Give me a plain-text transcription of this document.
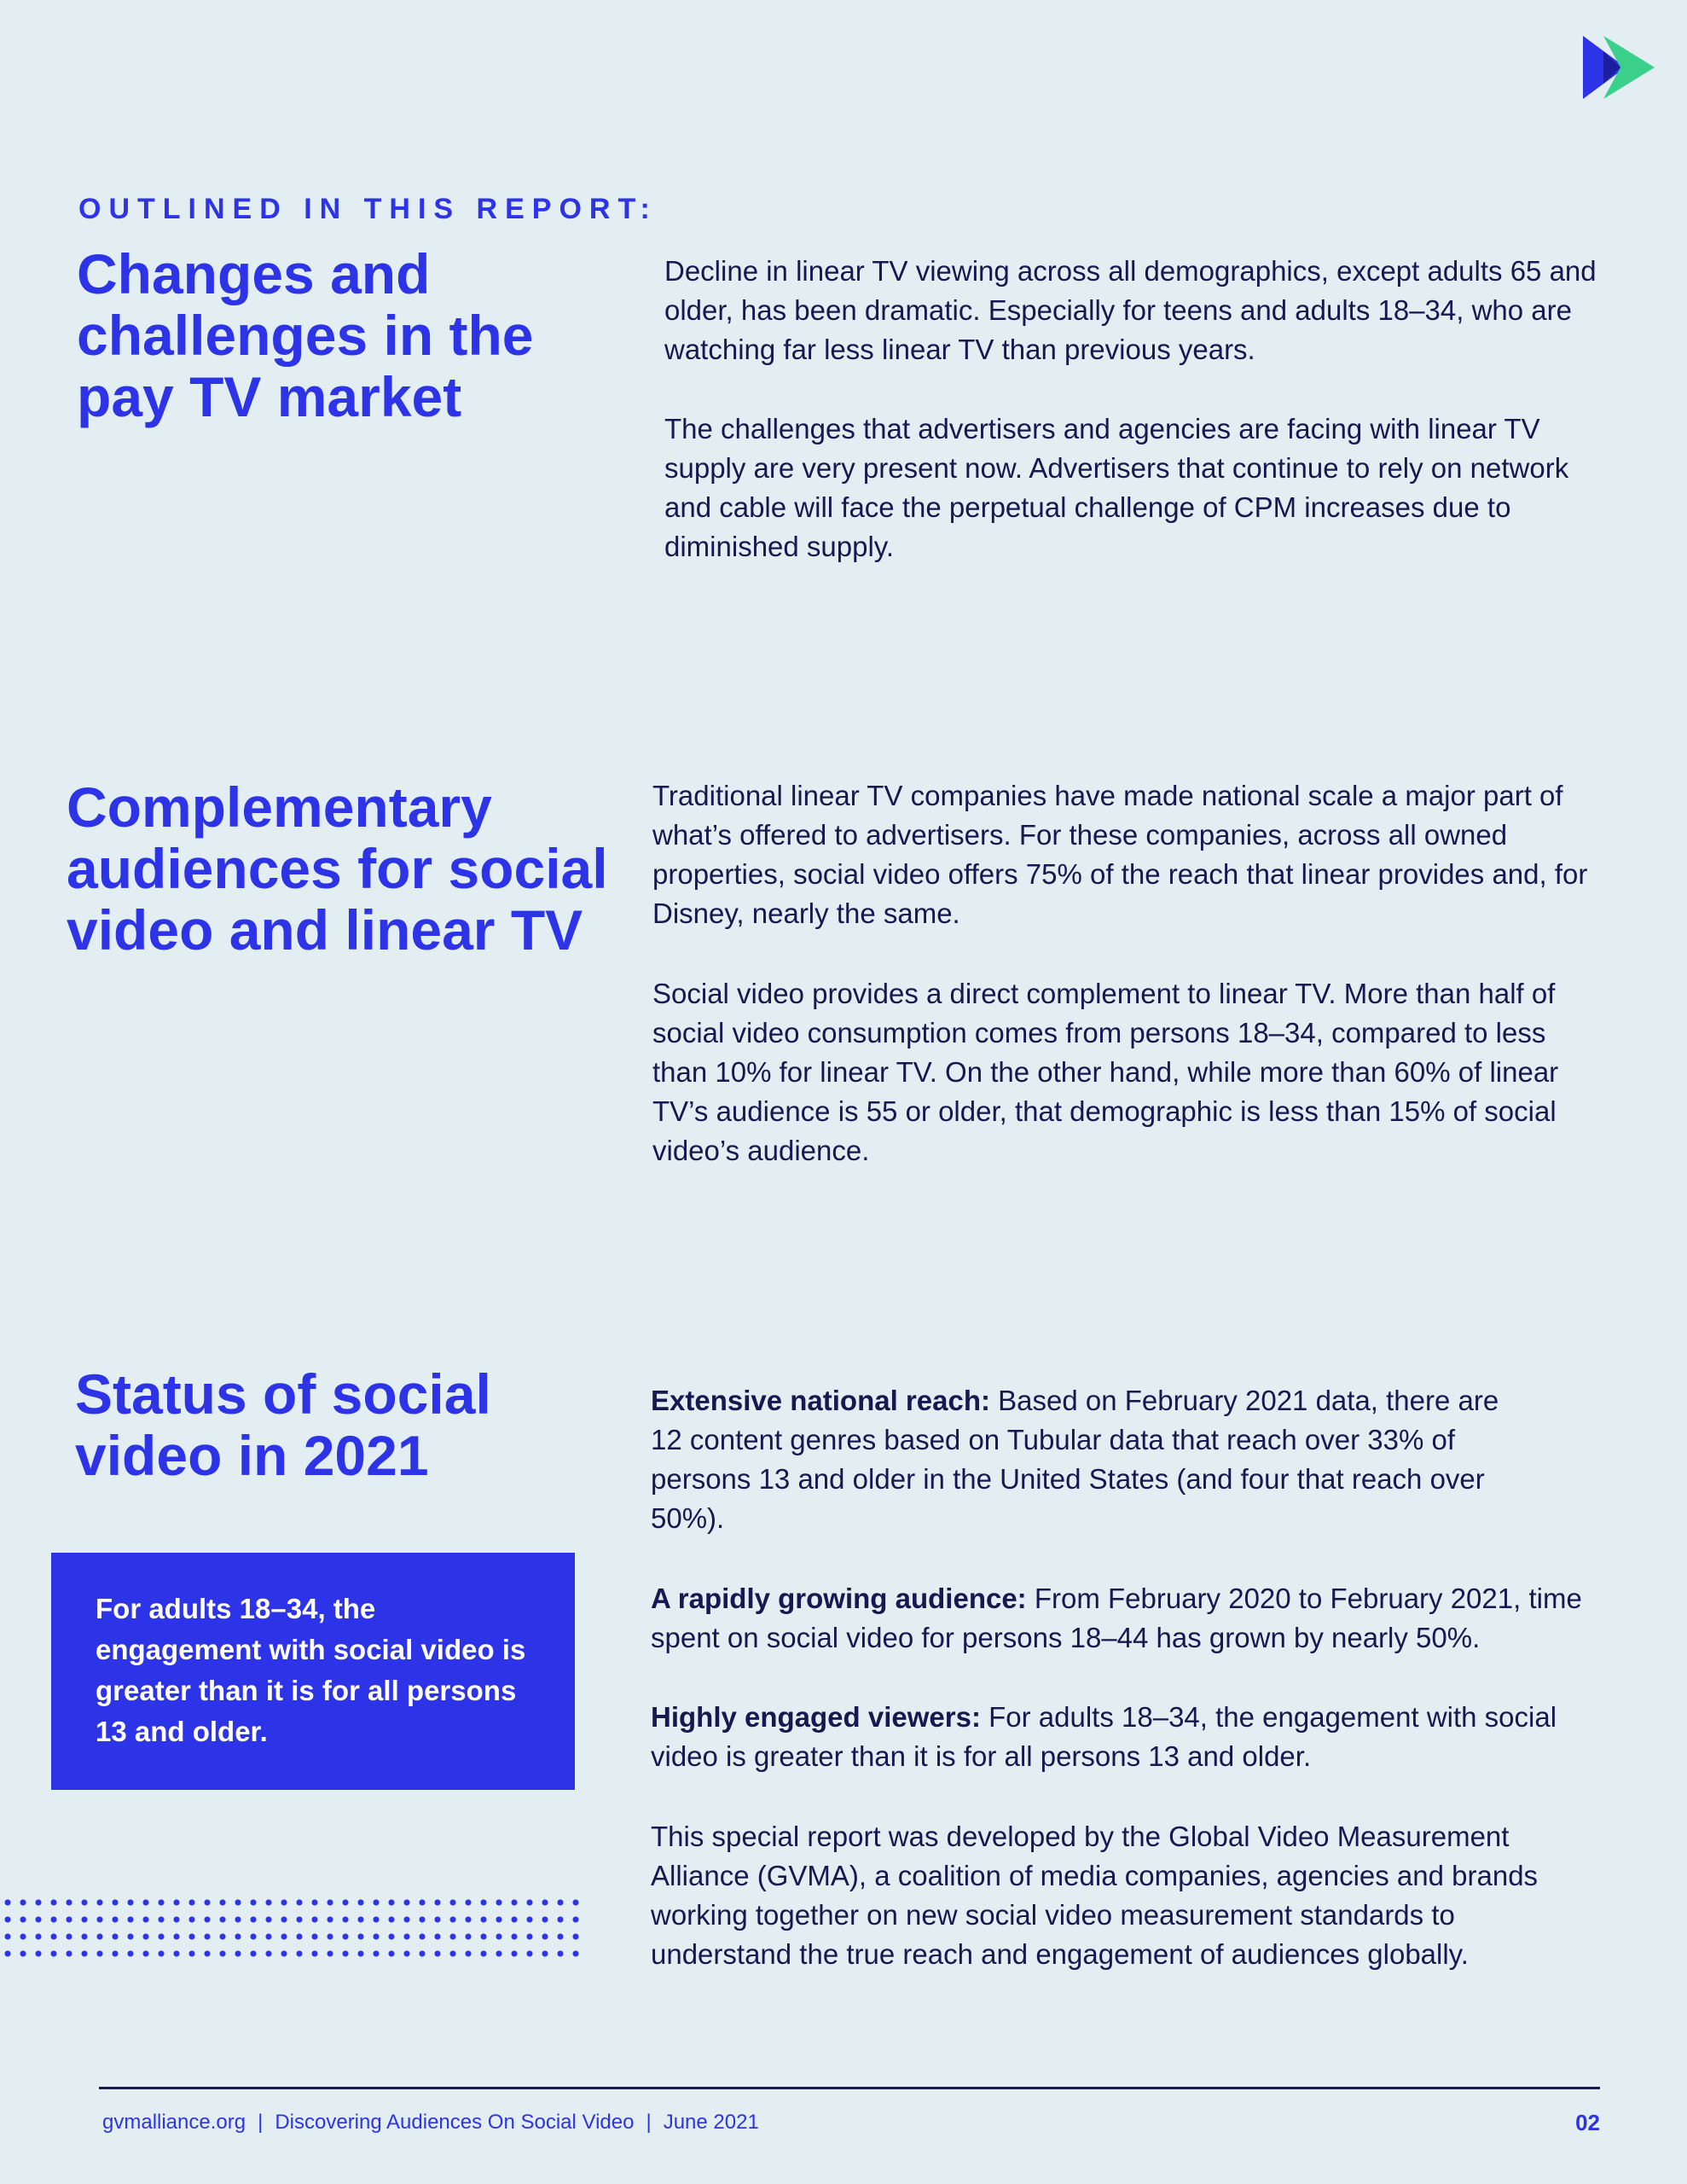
OUTLINED IN THIS REPORT:
Changes and challenges in the pay TV market

Decline in linear TV viewing across all demographics, except adults 65 and older, has been dramatic. Especially for teens and adults 18–34, who are watching far less linear TV than previous years.

The challenges that advertisers and agencies are facing with linear TV supply are very present now. Advertisers that continue to rely on network and cable will face the perpetual challenge of CPM increases due to diminished supply.

Complementary audiences for social video and linear TV

Traditional linear TV companies have made national scale a major part of what’s offered to advertisers. For these companies, across all owned properties, social video offers 75% of the reach that linear provides and, for Disney, nearly the same.

Social video provides a direct complement to linear TV. More than half of social video consumption comes from persons 18–34, compared to less than 10% for linear TV. On the other hand, while more than 60% of linear TV’s audience is 55 or older, that demographic is less than 15% of social video’s audience.

Status of social video in 2021

For adults 18–34, the engagement with social video is greater than it is for all persons 13 and older.

Extensive national reach: Based on February 2021 data, there are 12 content genres based on Tubular data that reach over 33% of persons 13 and older in the United States (and four that reach over 50%).

A rapidly growing audience: From February 2020 to February 2021, time spent on social video for persons 18–44 has grown by nearly 50%.

Highly engaged viewers: For adults 18–34, the engagement with social video is greater than it is for all persons 13 and older.

This special report was developed by the Global Video Measurement Alliance (GVMA), a coalition of media companies, agencies and brands working together on new social video measurement standards to understand the true reach and engagement of audiences globally.

gvmalliance.org | Discovering Audiences On Social Video | June 2021	02
